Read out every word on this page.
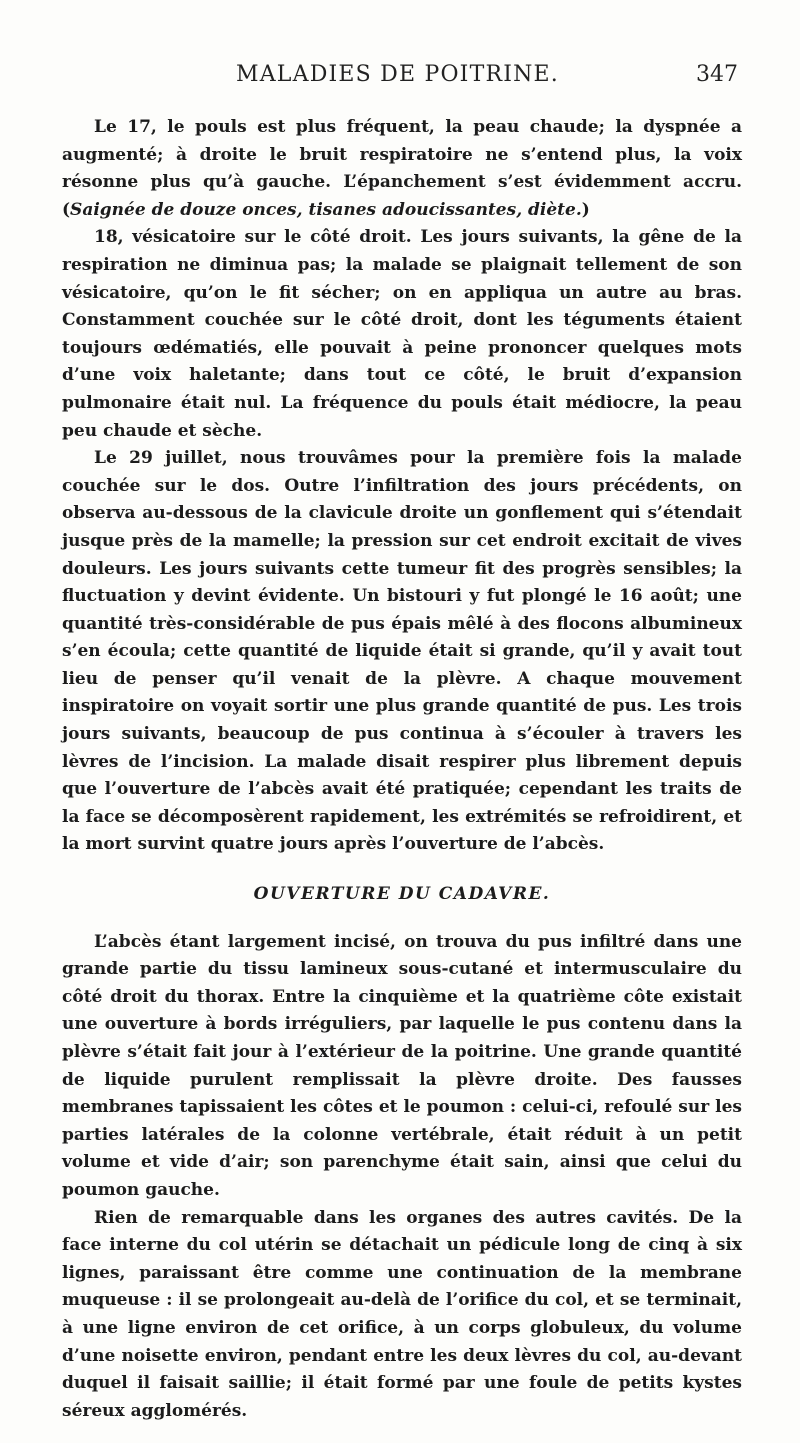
MALADIES DE POITRINE.	347

Le 17, le pouls est plus fréquent, la peau chaude; la dyspnée a augmenté; à droite le bruit respiratoire ne s’entend plus, la voix résonne plus qu’à gauche. L’épanchement s’est évidemment accru. (Saignée de douze onces, tisanes adoucissantes, diète.)

18, vésicatoire sur le côté droit. Les jours suivants, la gêne de la respiration ne diminua pas; la malade se plaignait tellement de son vésicatoire, qu’on le fit sécher; on en appliqua un autre au bras. Constamment couchée sur le côté droit, dont les téguments étaient toujours œdématiés, elle pouvait à peine prononcer quelques mots d’une voix haletante; dans tout ce côté, le bruit d’expansion pulmonaire était nul. La fréquence du pouls était médiocre, la peau peu chaude et sèche.

Le 29 juillet, nous trouvâmes pour la première fois la malade couchée sur le dos. Outre l’infiltration des jours précédents, on observa au-dessous de la clavicule droite un gonflement qui s’étendait jusque près de la mamelle; la pression sur cet endroit excitait de vives douleurs. Les jours suivants cette tumeur fit des progrès sensibles; la fluctuation y devint évidente. Un bistouri y fut plongé le 16 août; une quantité très-considérable de pus épais mêlé à des flocons albumineux s’en écoula; cette quantité de liquide était si grande, qu’il y avait tout lieu de penser qu’il venait de la plèvre. A chaque mouvement inspiratoire on voyait sortir une plus grande quantité de pus. Les trois jours suivants, beaucoup de pus continua à s’écouler à travers les lèvres de l’incision. La malade disait respirer plus librement depuis que l’ouverture de l’abcès avait été pratiquée; cependant les traits de la face se décomposèrent rapidement, les extrémités se refroidirent, et la mort survint quatre jours après l’ouverture de l’abcès.

OUVERTURE DU CADAVRE.

L’abcès étant largement incisé, on trouva du pus infiltré dans une grande partie du tissu lamineux sous-cutané et intermusculaire du côté droit du thorax. Entre la cinquième et la quatrième côte existait une ouverture à bords irréguliers, par laquelle le pus contenu dans la plèvre s’était fait jour à l’extérieur de la poitrine. Une grande quantité de liquide purulent remplissait la plèvre droite. Des fausses membranes tapissaient les côtes et le poumon : celui-ci, refoulé sur les parties latérales de la colonne vertébrale, était réduit à un petit volume et vide d’air; son parenchyme était sain, ainsi que celui du poumon gauche.

Rien de remarquable dans les organes des autres cavités. De la face interne du col utérin se détachait un pédicule long de cinq à six lignes, paraissant être comme une continuation de la membrane muqueuse : il se prolongeait au-delà de l’orifice du col, et se terminait, à une ligne environ de cet orifice, à un corps globuleux, du volume d’une noisette environ, pendant entre les deux lèvres du col, au-devant duquel il faisait saillie; il était formé par une foule de petits kystes séreux agglomérés.
